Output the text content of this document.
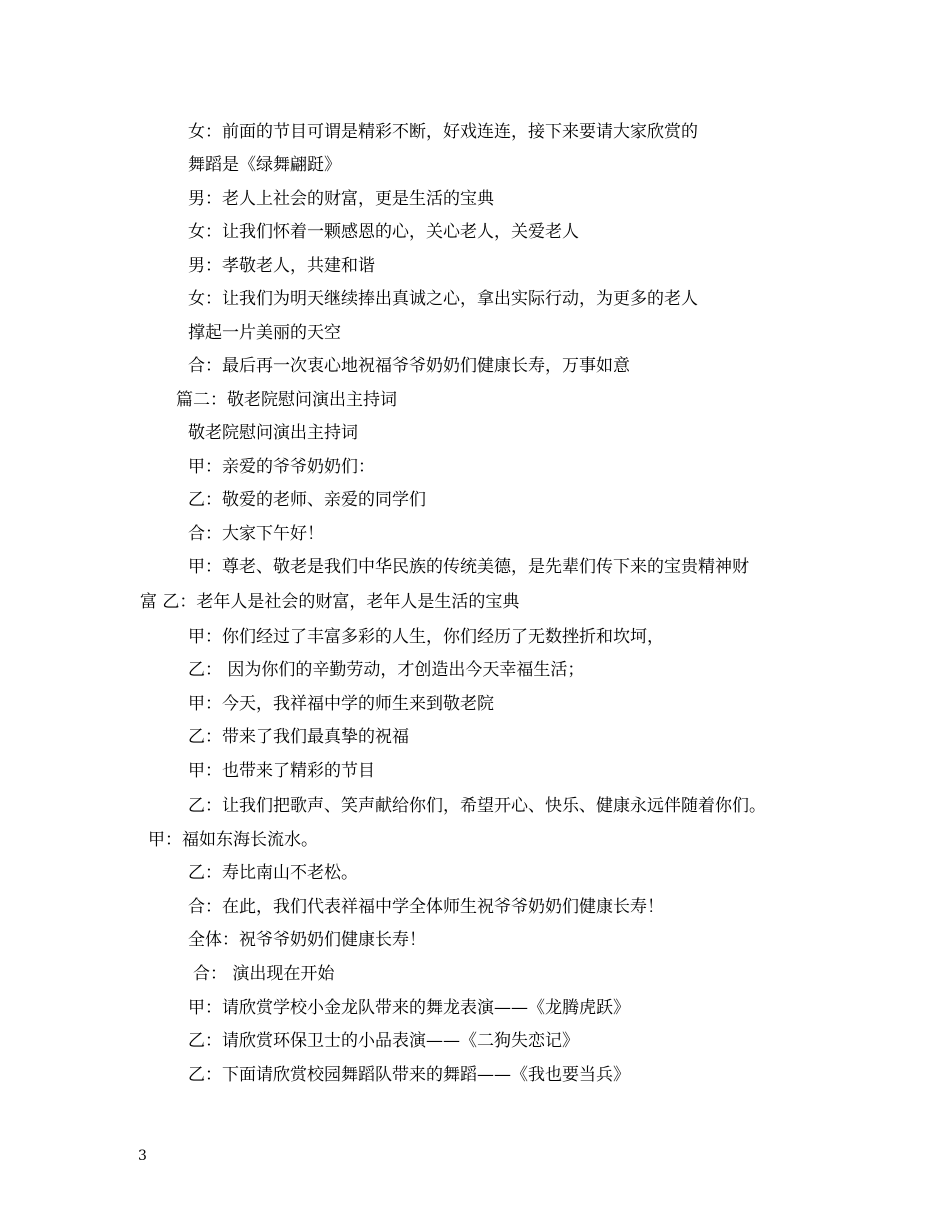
女：前面的节目可谓是精彩不断，好戏连连，接下来要请大家欣赏的
舞蹈是《绿舞翩跹》
男：老人上社会的财富，更是生活的宝典
女：让我们怀着一颗感恩的心，关心老人，关爱老人
男：孝敬老人，共建和谐
女：让我们为明天继续捧出真诚之心，拿出实际行动，为更多的老人
撑起一片美丽的天空
合：最后再一次衷心地祝福爷爷奶奶们健康长寿，万事如意
篇二：敬老院慰问演出主持词
敬老院慰问演出主持词
甲：亲爱的爷爷奶奶们：
乙：敬爱的老师、亲爱的同学们
合：大家下午好！
甲：尊老、敬老是我们中华民族的传统美德，是先辈们传下来的宝贵精神财
富 乙：老年人是社会的财富，老年人是生活的宝典
甲：你们经过了丰富多彩的人生，你们经历了无数挫折和坎坷，
乙： 因为你们的辛勤劳动，才创造出今天幸福生活；
甲：今天，我祥福中学的师生来到敬老院
乙：带来了我们最真挚的祝福
甲：也带来了精彩的节目
乙：让我们把歌声、笑声献给你们，希望开心、快乐、健康永远伴随着你们。
甲：福如东海长流水。
乙：寿比南山不老松。
合：在此，我们代表祥福中学全体师生祝爷爷奶奶们健康长寿！
全体：祝爷爷奶奶们健康长寿！
合： 演出现在开始
甲：请欣赏学校小金龙队带来的舞龙表演——《龙腾虎跃》
乙：请欣赏环保卫士的小品表演——《二狗失恋记》
乙：下面请欣赏校园舞蹈队带来的舞蹈——《我也要当兵》
3
